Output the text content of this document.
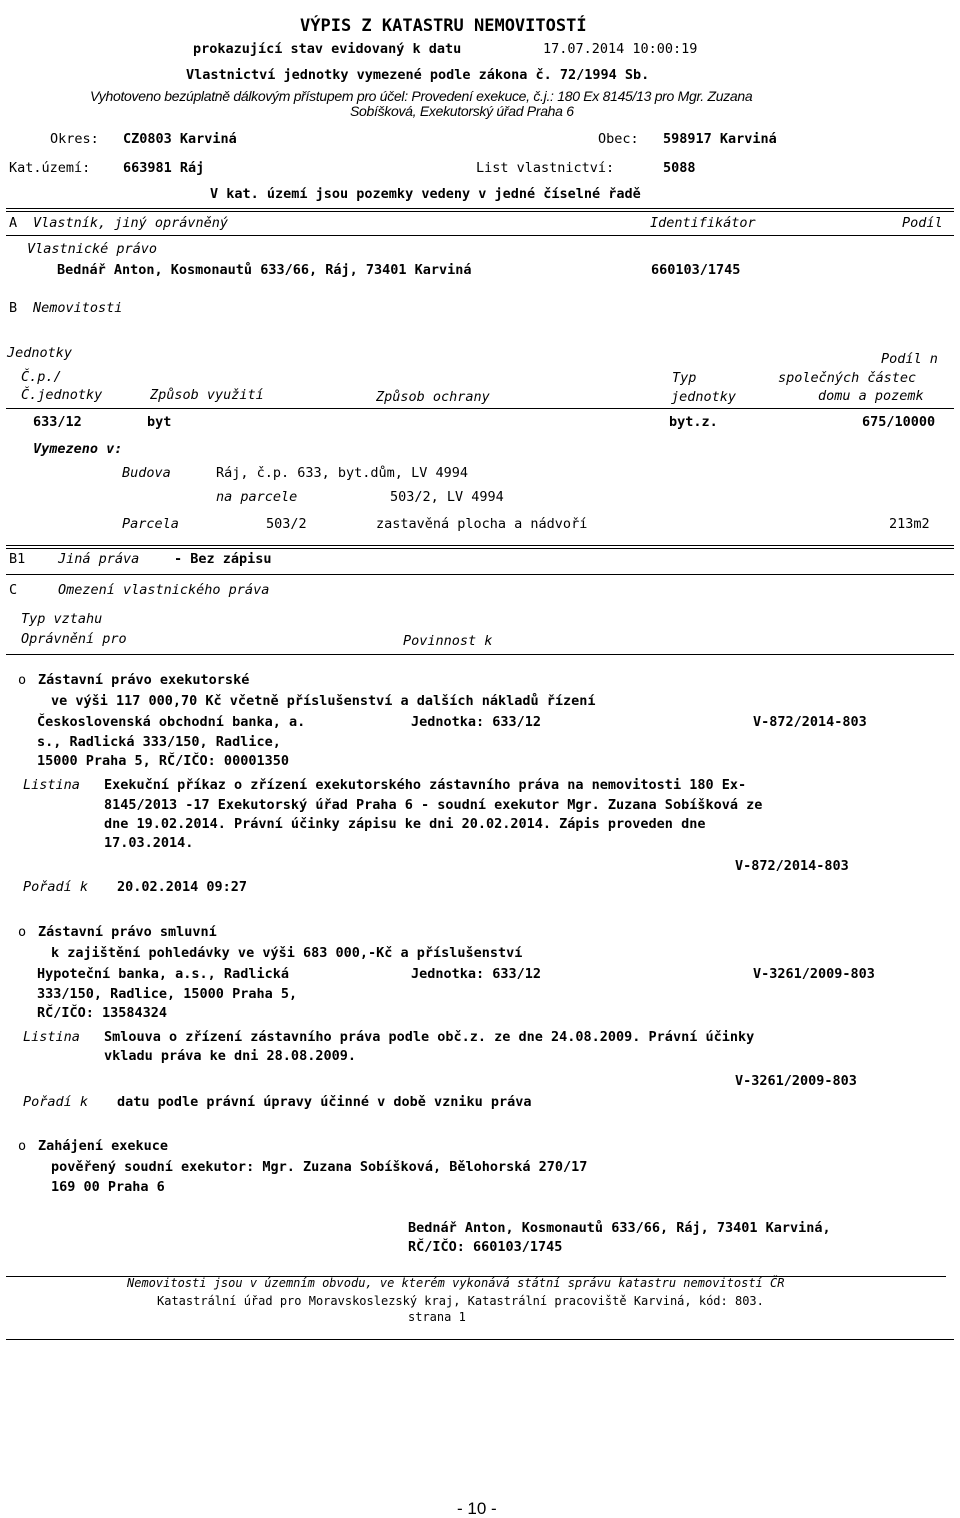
VÝPIS Z KATASTRU NEMOVITOSTÍ
prokazující stav evidovaný k datu	17.07.2014 10:00:19
Vlastnictví jednotky vymezené podle zákona č. 72/1994 Sb.
Vyhotoveno bezúplatně dálkovým přístupem pro účel: Provedení exekuce, č.j.: 180 Ex 8145/13 pro Mgr. Zuzana
Sobíšková, Exekutorský úřad Praha 6
Okres: CZ0803 Karviná	Obec: 598917 Karviná
Kat.území: 663981 Ráj	List vlastnictví:	5088
V kat. území jsou pozemky vedeny v jedné číselné řadě
A Vlastník, jiný oprávněný	Identifikátor	Podíl
Vlastnické právo
Bednář Anton, Kosmonautů 633/66, Ráj, 73401 Karviná	660103/1745
B Nemovitosti
Jednotky	Podíl n
Č.p./	Typ	společných částec
Č.jednotky	Způsob využití	Způsob ochrany	jednotky	domu a pozemk
633/12	byt	byt.z.	675/10000
Vymezeno v:
Budova	Ráj, č.p. 633, byt.dům, LV 4994
na parcele	503/2, LV 4994
Parcela	503/2	zastavěná plocha a nádvoří	213m2
B1 Jiná práva	- Bez zápisu
C	Omezení vlastnického práva
Typ vztahu
Oprávnění pro	Povinnost k
o Zástavní právo exekutorské
ve výši 117 000,70 Kč včetně příslušenství a dalších nákladů řízení
Československá obchodní banka, a.	Jednotka: 633/12	V-872/2014-803
s., Radlická 333/150, Radlice,
15000 Praha 5, RČ/IČO: 00001350
Listina Exekuční příkaz o zřízení exekutorského zástavního práva na nemovitosti 180 Ex-
8145/2013 -17 Exekutorský úřad Praha 6 - soudní exekutor Mgr. Zuzana Sobíšková ze
dne 19.02.2014. Právní účinky zápisu ke dni 20.02.2014. Zápis proveden dne
17.03.2014.
V-872/2014-803
Pořadí k 20.02.2014 09:27
o Zástavní právo smluvní
k zajištění pohledávky ve výši 683 000,-Kč a příslušenství
Hypoteční banka, a.s., Radlická	Jednotka: 633/12	V-3261/2009-803
333/150, Radlice, 15000 Praha 5,
RČ/IČO: 13584324
Listina Smlouva o zřízení zástavního práva podle obč.z. ze dne 24.08.2009. Právní účinky
vkladu práva ke dni 28.08.2009.
V-3261/2009-803
Pořadí k datu podle právní úpravy účinné v době vzniku práva
o Zahájení exekuce
pověřený soudní exekutor: Mgr. Zuzana Sobíšková, Bělohorská 270/17
169 00 Praha 6
Bednář Anton, Kosmonautů 633/66, Ráj, 73401 Karviná,
RČ/IČO: 660103/1745
Nemovitosti jsou v územním obvodu, ve kterém vykonává státní správu katastru nemovitostí ČR
Katastrální úřad pro Moravskoslezský kraj, Katastrální pracoviště Karviná, kód: 803.
strana 1
- 10 -
